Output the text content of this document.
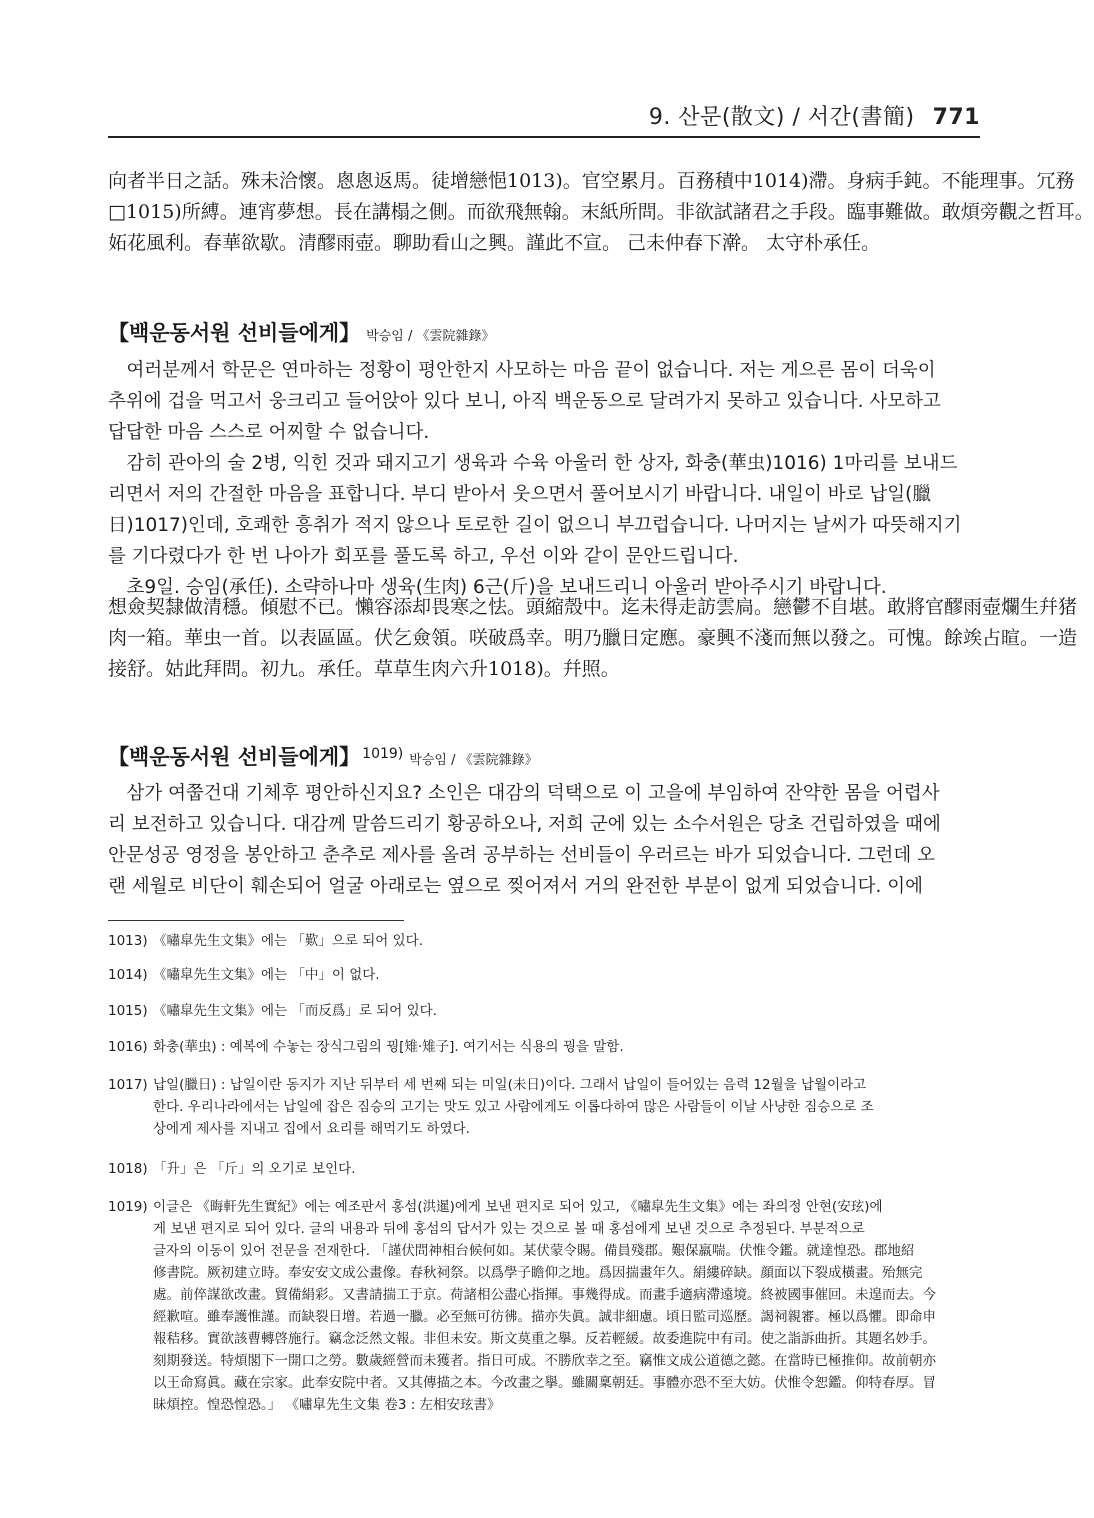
9. 산문(散文) / 서간(書簡) 771
向者半日之話。殊未洽懷。悤悤返馬。徒增戀悒1013)。官空累月。百務積中1014)滯。身病手鈍。不能理事。冗務
□1015)所縛。連宵夢想。長在講榻之側。而欲飛無翰。末紙所問。非欲試諸君之手段。臨事難做。敢煩旁觀之哲耳。
妬花風利。春華欲歇。清醪雨壺。聊助看山之興。謹此不宣。 己未仲春下澣。 太守朴承任。
【백운동서원 선비들에게】 박승임 / 《雲院雜錄》
　여러분께서 학문은 연마하는 정황이 평안한지 사모하는 마음 끝이 없습니다. 저는 게으른 몸이 더욱이
추위에 겁을 먹고서 웅크리고 들어앉아 있다 보니, 아직 백운동으로 달려가지 못하고 있습니다. 사모하고
답답한 마음 스스로 어찌할 수 없습니다.
　감히 관아의 술 2병, 익힌 것과 돼지고기 생육과 수육 아울러 한 상자, 화충(華虫)1016) 1마리를 보내드
리면서 저의 간절한 마음을 표합니다. 부디 받아서 웃으면서 풀어보시기 바랍니다. 내일이 바로 납일(臘
日)1017)인데, 호쾌한 흥취가 적지 않으나 토로한 길이 없으니 부끄럽습니다. 나머지는 날씨가 따뜻해지기
를 기다렸다가 한 번 나아가 회포를 풀도록 하고, 우선 이와 같이 문안드립니다.
　초9일. 승임(承任). 소략하나마 생육(生肉) 6근(斤)을 보내드리니 아울러 받아주시기 바랍니다.
想僉契隸做清穩。傾慰不已。懶容添却畏寒之怯。頭縮殼中。迄未得走訪雲扃。戀鬱不自堪。敢將官醪雨壺爛生幷猪
肉一箱。華虫一首。以表區區。伏乞僉領。咲破爲幸。明乃臘日定應。豪興不淺而無以發之。可愧。餘竢占暄。一造
接舒。姑此拜問。初九。承任。草草生肉六升1018)。幷照。
【백운동서원 선비들에게】 $^{1019)}$ 박승임 / 《雲院雜錄》
　삼가 여쭙건대 기체후 평안하신지요? 소인은 대감의 덕택으로 이 고을에 부임하여 잔약한 몸을 어렵사
리 보전하고 있습니다. 대감께 말씀드리기 황공하오나, 저희 군에 있는 소수서원은 당초 건립하였을 때에
안문성공 영정을 봉안하고 춘추로 제사를 올려 공부하는 선비들이 우러르는 바가 되었습니다. 그런데 오
랜 세월로 비단이 훼손되어 얼굴 아래로는 옆으로 찢어져서 거의 완전한 부분이 없게 되었습니다. 이에
1013) 《嘯皐先生文集》에는 「歎」으로 되어 있다.
1014) 《嘯皐先生文集》에는 「中」이 없다.
1015) 《嘯皐先生文集》에는 「而反爲」로 되어 있다.
1016) 화충(華虫) : 예복에 수놓는 장식그림의 꿩[雉·雉子]. 여기서는 식용의 꿩을 말함.
1017) 납일(臘日) : 납일이란 동지가 지난 뒤부터 세 번째 되는 미일(未日)이다. 그래서 납일이 들어있는 음력 12월을 납월이라고
한다. 우리나라에서는 납일에 잡은 짐승의 고기는 맛도 있고 사람에게도 이롭다하여 많은 사람들이 이날 사냥한 짐승으로 조
상에게 제사를 지내고 집에서 요리를 해먹기도 하였다.
1018) 「升」은 「斤」의 오기로 보인다.
1019) 이글은 《晦軒先生實紀》에는 예조판서 홍섬(洪暹)에게 보낸 편지로 되어 있고, 《嘯皐先生文集》에는 좌의정 안현(安玹)에
게 보낸 편지로 되어 있다. 글의 내용과 뒤에 홍섬의 답서가 있는 것으로 볼 때 홍섬에게 보낸 것으로 추정된다. 부분적으로
글자의 이동이 있어 전문을 전재한다. 「謹伏問神相台候何如。某伏蒙令賜。備員殘郡。艱保羸喘。伏惟令鑑。就達惶恐。郡地紹
修書院。厥初建立時。奉安安文成公畫像。春秋祠祭。以爲學子瞻仰之地。爲因揣畫年久。絹縷碎缺。顔面以下裂成橫畫。殆無完
處。前倅謀欲改畫。貿備絹彩。又書請揣工于京。荷諸相公盡心指揮。事幾得成。而畫手適病滯遠境。終被國事催回。未遑而去。今
經歉喧。雖奉護惟謹。而缺裂日增。若過一臘。必至無可彷彿。描亦失眞。誠非細慮。頃日監司巡歷。謁祠親審。極以爲懼。即命申
報秸移。實欲該曹轉啓施行。竊念泛然文報。非但未安。斯文莫重之擧。反若輕緩。故委進院中有司。使之詣訴曲折。其題名妙手。
刻期發送。特煩閣下一開口之勞。數歲經營而未獲者。指日可成。不勝欣幸之至。竊惟文成公道德之懿。在當時已極推仰。故前朝亦
以王命寫眞。藏在宗家。此奉安院中者。又其傳描之本。今改畫之擧。雖關稟朝廷。事體亦恐不至大妨。伏惟令恕鑑。仰特春厚。冒
昧煩控。惶恐惶恐。」 《嘯皐先生文集 卷3 : 左相安玹書》
